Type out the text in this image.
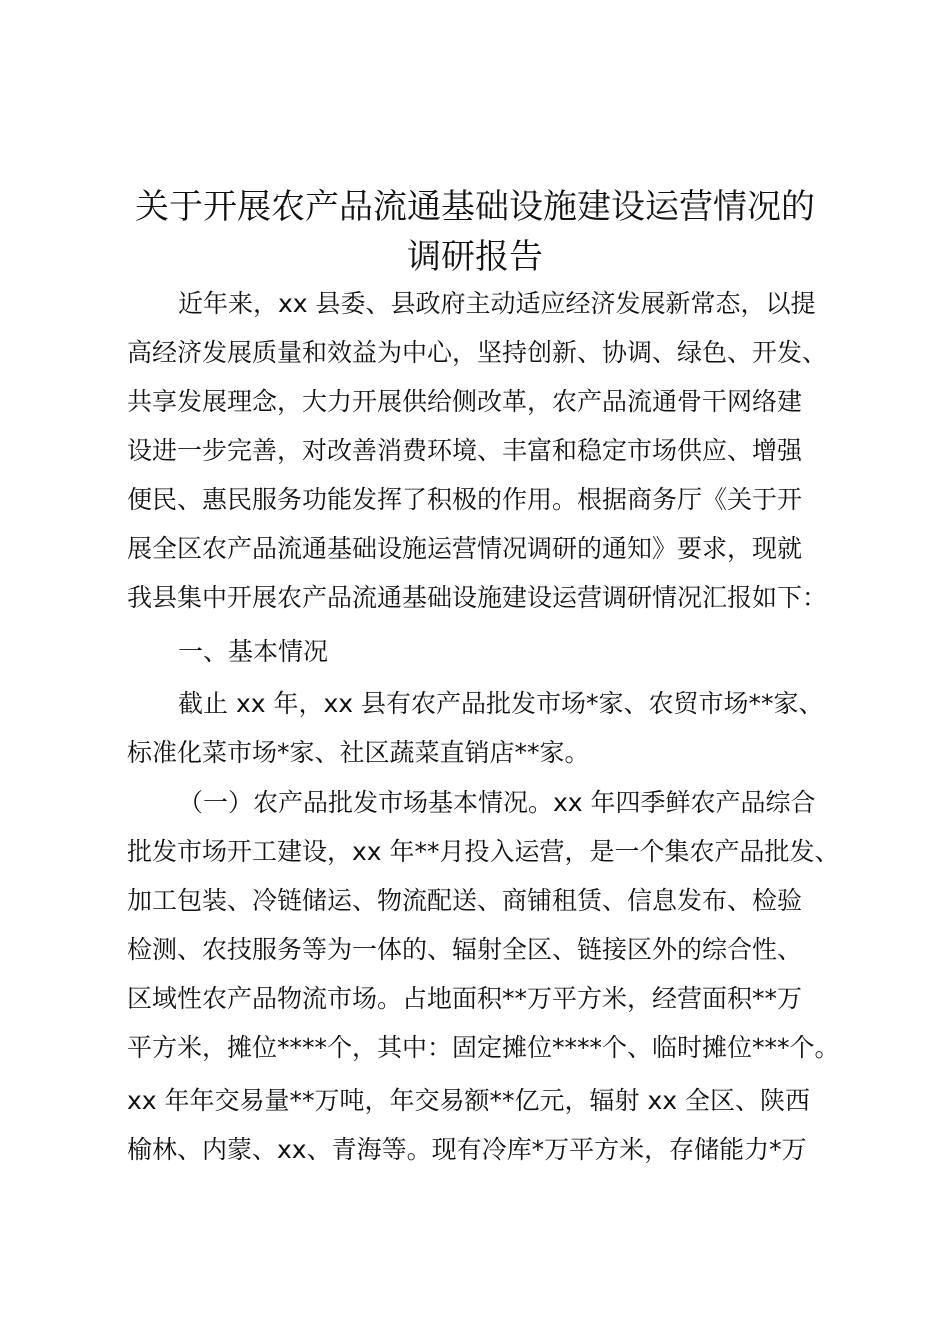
关于开展农产品流通基础设施建设运营情况的
调研报告
近年来，xx 县委、县政府主动适应经济发展新常态，以提
高经济发展质量和效益为中心，坚持创新、协调、绿色、开发、
共享发展理念，大力开展供给侧改革，农产品流通骨干网络建
设进一步完善，对改善消费环境、丰富和稳定市场供应、增强
便民、惠民服务功能发挥了积极的作用。根据商务厅《关于开
展全区农产品流通基础设施运营情况调研的通知》要求，现就
我县集中开展农产品流通基础设施建设运营调研情况汇报如下：
一、基本情况
截止 xx 年，xx 县有农产品批发市场*家、农贸市场**家、
标准化菜市场*家、社区蔬菜直销店**家。
（一）农产品批发市场基本情况。xx 年四季鲜农产品综合
批发市场开工建设，xx 年**月投入运营，是一个集农产品批发、
加工包装、冷链储运、物流配送、商铺租赁、信息发布、检验
检测、农技服务等为一体的、辐射全区、链接区外的综合性、
区域性农产品物流市场。占地面积**万平方米，经营面积**万
平方米，摊位****个，其中：固定摊位****个、临时摊位***个。
xx 年年交易量**万吨，年交易额**亿元，辐射 xx 全区、陕西
榆林、内蒙、xx、青海等。现有冷库*万平方米，存储能力*万
